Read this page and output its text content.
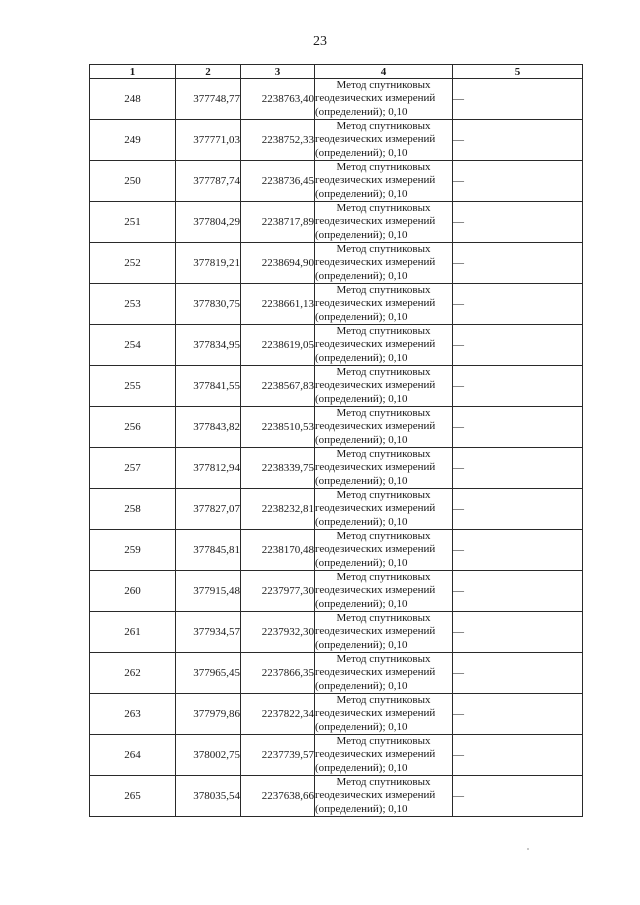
23
1	2	3	4	5
248	377748,77	2238763,40	Метод спутниковых
геодезических измерений
(определений); 0,10	—
249	377771,03	2238752,33	Метод спутниковых
геодезических измерений
(определений); 0,10	—
250	377787,74	2238736,45	Метод спутниковых
геодезических измерений
(определений); 0,10	—
251	377804,29	2238717,89	Метод спутниковых
геодезических измерений
(определений); 0,10	—
252	377819,21	2238694,90	Метод спутниковых
геодезических измерений
(определений); 0,10	—
253	377830,75	2238661,13	Метод спутниковых
геодезических измерений
(определений); 0,10	—
254	377834,95	2238619,05	Метод спутниковых
геодезических измерений
(определений); 0,10	—
255	377841,55	2238567,83	Метод спутниковых
геодезических измерений
(определений); 0,10	—
256	377843,82	2238510,53	Метод спутниковых
геодезических измерений
(определений); 0,10	—
257	377812,94	2238339,75	Метод спутниковых
геодезических измерений
(определений); 0,10	—
258	377827,07	2238232,81	Метод спутниковых
геодезических измерений
(определений); 0,10	—
259	377845,81	2238170,48	Метод спутниковых
геодезических измерений
(определений); 0,10	—
260	377915,48	2237977,30	Метод спутниковых
геодезических измерений
(определений); 0,10	—
261	377934,57	2237932,30	Метод спутниковых
геодезических измерений
(определений); 0,10	—
262	377965,45	2237866,35	Метод спутниковых
геодезических измерений
(определений); 0,10	—
263	377979,86	2237822,34	Метод спутниковых
геодезических измерений
(определений); 0,10	—
264	378002,75	2237739,57	Метод спутниковых
геодезических измерений
(определений); 0,10	—
265	378035,54	2237638,66	Метод спутниковых
геодезических измерений
(определений); 0,10	—
